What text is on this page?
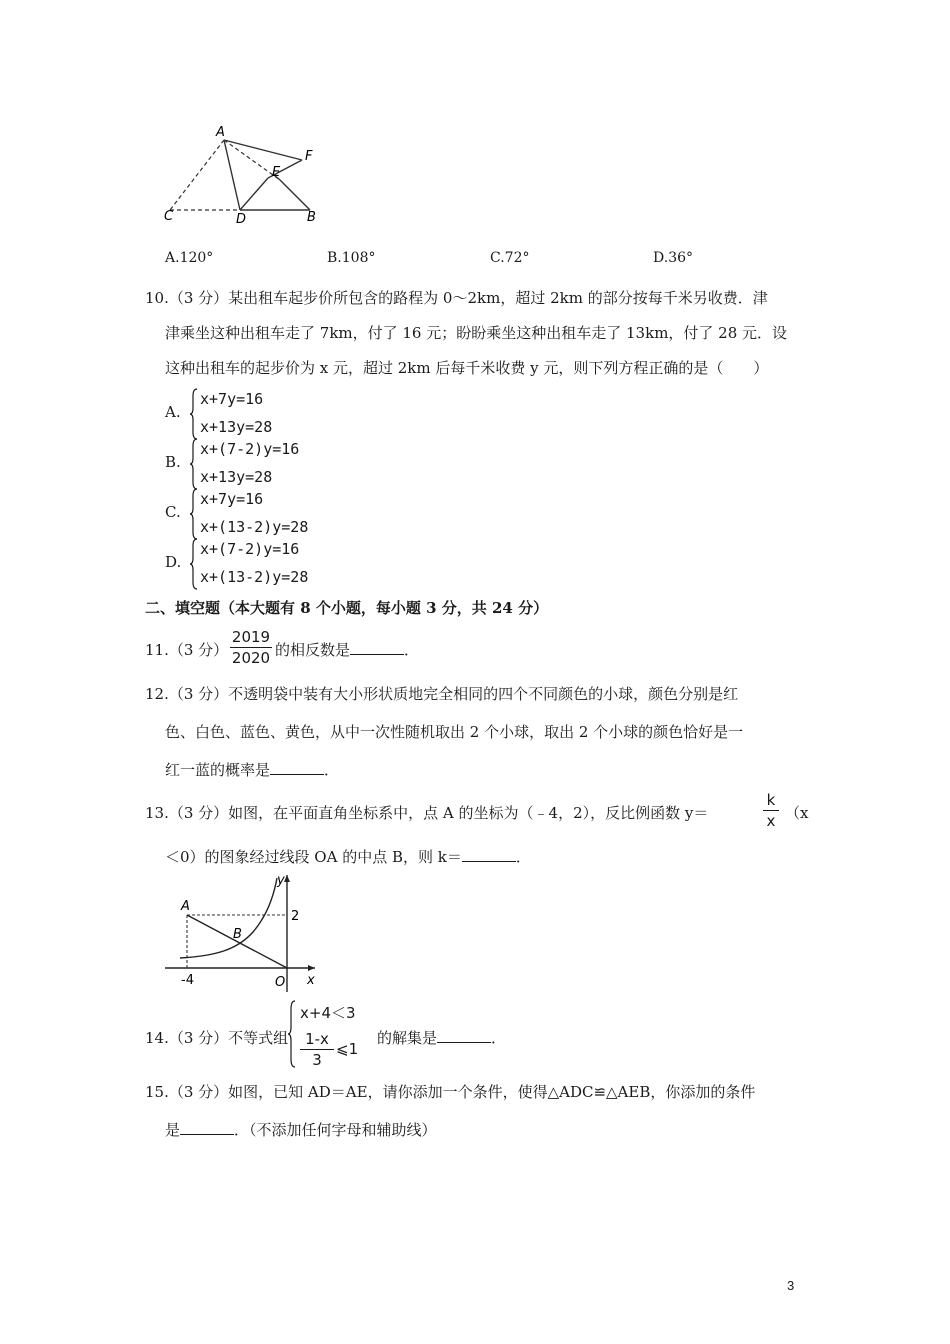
A
F
E
C	D	B
A.120°	B.108°	C.72°	D.36°
10.（3 分）某出租车起步价所包含的路程为 0～2km，超过 2km 的部分按每千米另收费．津
津乘坐这种出租车走了 7km，付了 16 元；盼盼乘坐这种出租车走了 13km，付了 28 元．设
这种出租车的起步价为 x 元，超过 2km 后每千米收费 y 元，则下列方程正确的是（　　）
A.
x+7y=16
x+13y=28
B.
x+(7-2)y=16
x+13y=28
C.
x+7y=16
x+(13-2)y=28
D.
x+(7-2)y=16
x+(13-2)y=28
二、填空题（本大题有 8 个小题，每小题 3 分，共 24 分）
11.（3 分）
2019
2020 的相反数是	．
12.（3 分）不透明袋中装有大小形状质地完全相同的四个不同颜色的小球，颜色分别是红
色、白色、蓝色、黄色，从中一次性随机取出 2 个小球，取出 2 个小球的颜色恰好是一
红一蓝的概率是	．
13.（3 分）如图，在平面直角坐标系中，点 A 的坐标为（﹣4，2），反比例函数 y＝
k
x （x
＜0）的图象经过线段 OA 的中点 B，则 k＝	．
y
A
2
B
-4	O x
14.（3 分）不等式组
x+4＜3
1-x
3
⩽1
的解集是	．
15.（3 分）如图，已知 AD＝AE，请你添加一个条件，使得△ADC≌△AEB，你添加的条件
是	．（不添加任何字母和辅助线）
3
